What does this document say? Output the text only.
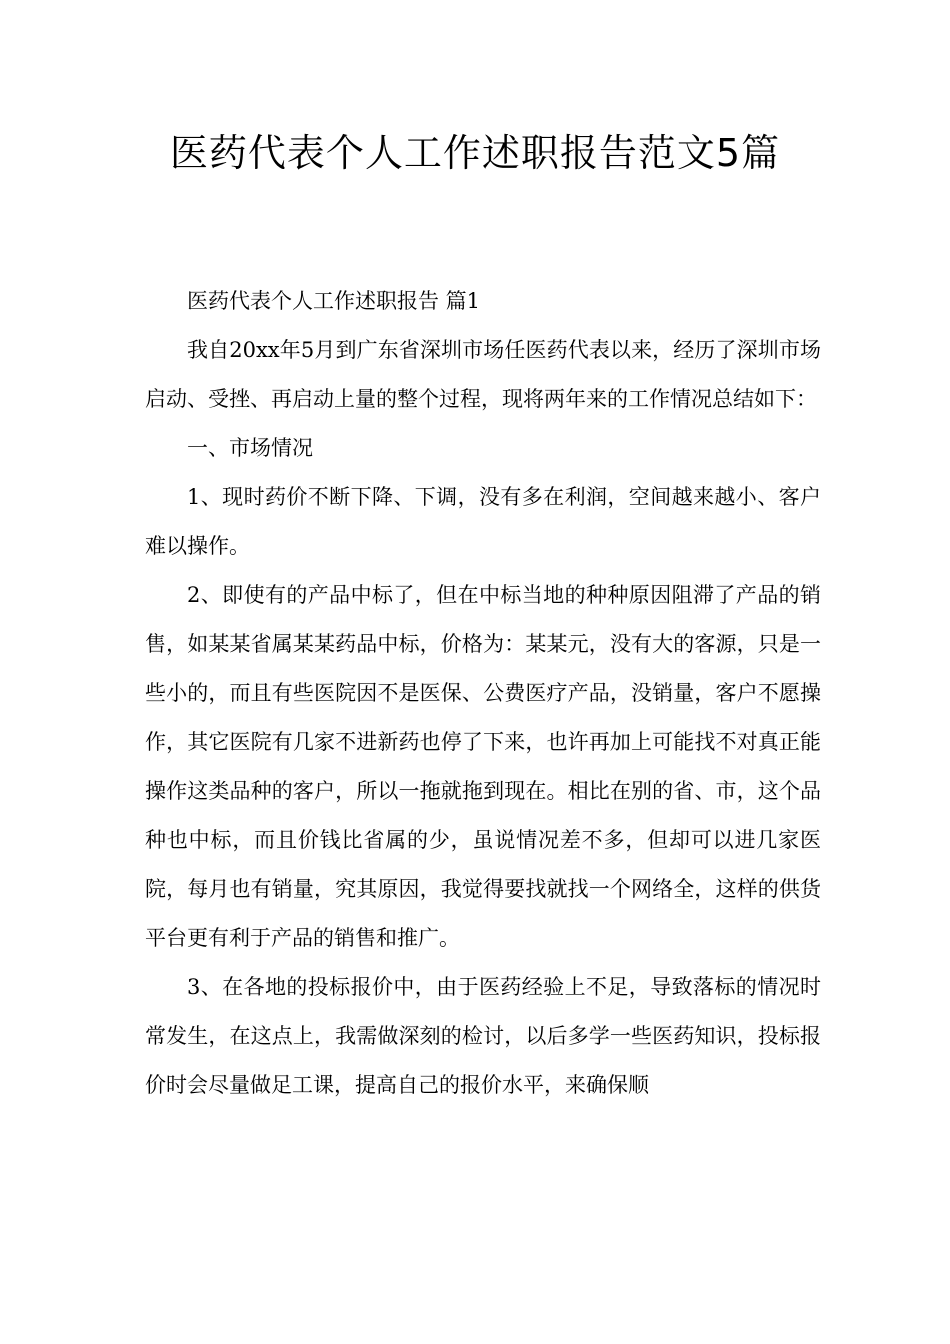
医药代表个人工作述职报告范文5篇

医药代表个人工作述职报告 篇1

我自20xx年5月到广东省深圳市场任医药代表以来，经历了深圳市场启动、受挫、再启动上量的整个过程，现将两年来的工作情况总结如下：

一、市场情况

1、现时药价不断下降、下调，没有多在利润，空间越来越小、客户难以操作。

2、即使有的产品中标了，但在中标当地的种种原因阻滞了产品的销售，如某某省属某某药品中标，价格为：某某元，没有大的客源，只是一些小的，而且有些医院因不是医保、公费医疗产品，没销量，客户不愿操作，其它医院有几家不进新药也停了下来，也许再加上可能找不对真正能操作这类品种的客户，所以一拖就拖到现在。相比在别的省、市，这个品种也中标，而且价钱比省属的少，虽说情况差不多，但却可以进几家医院，每月也有销量，究其原因，我觉得要找就找一个网络全，这样的供货平台更有利于产品的销售和推广。

3、在各地的投标报价中，由于医药经验上不足，导致落标的情况时常发生，在这点上，我需做深刻的检讨，以后多学一些医药知识，投标报价时会尽量做足工课，提高自己的报价水平，来确保顺
